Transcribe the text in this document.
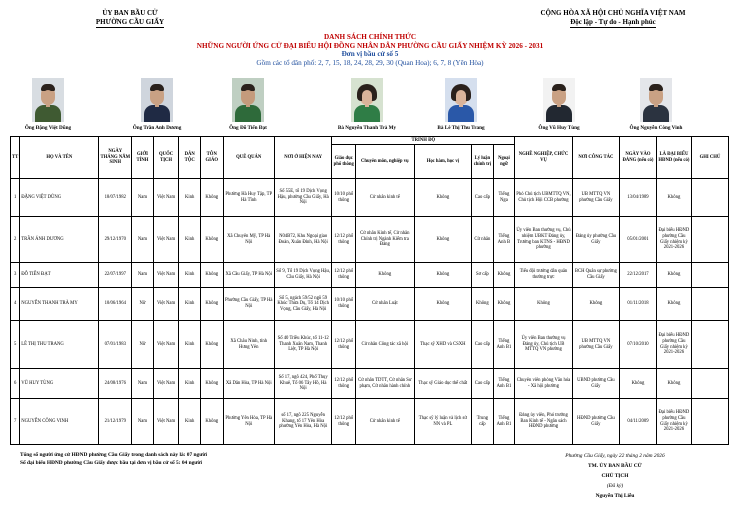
ỦY BAN BẦU CỬ
PHƯỜNG CẦU GIẤY
CỘNG HÒA XÃ HỘI CHỦ NGHĨA VIỆT NAM
Độc lập - Tự do - Hạnh phúc
DANH SÁCH CHÍNH THỨC
NHỮNG NGƯỜI ỨNG CỬ ĐẠI BIỂU HỘI ĐỒNG NHÂN DÂN PHƯỜNG CẦU GIẤY NHIỆM KỲ 2026 - 2031
Đơn vị bầu cử số 5
Gồm các tổ dân phố: 2, 7, 15, 18, 24, 28, 29, 30 (Quan Hoa); 6, 7, 8 (Yên Hòa)
Ông Đặng Việt Dũng	Ông Trần Anh Dương	Ông Đỗ Tiến Đạt	Bà Nguyễn Thanh Trà My	Bà Lê Thị Thu Trang	Ông Vũ Huy Tùng	Ông Nguyễn Công Vinh
TT	HỌ VÀ TÊN	NGÀY THÁNG NĂM SINH	GIỚI TÍNH	QUỐC TỊCH	DÂN TỘC	TÔN GIÁO	QUÊ QUÁN	NƠI Ở HIỆN NAY	TRÌNH ĐỘ					NGHỀ NGHIỆP, CHỨC VỤ	NƠI CÔNG TÁC	NGÀY VÀO ĐẢNG (nếu có)	LÀ ĐẠI BIỂU HĐND (nếu có)	GHI CHÚ
									Giáo dục phổ thông	Chuyên môn, nghiệp vụ	Học hàm, học vị	Lý luận chính trị	Ngoại ngữ					
1	ĐẶNG VIỆT DŨNG	18/07/1982	Nam	Việt Nam	Kinh	Không	Phường Hà Huy Tập, TP Hà Tĩnh	Số 55E, tổ 19 Dịch Vọng Hậu, phường Cầu Giấy, Hà Nội	10/10 phổ thông	Cử nhân kinh tế	Không	Cao cấp	Tiếng Nga	Phó Chủ tịch UBMTTQ VN, Chủ tịch Hội CCB phường	UB MTTQ VN phường Cầu Giấy	13/04/1989	Không	
2	TRẦN ÁNH DƯƠNG	29/12/1970	Nam	Việt Nam	Kinh	Không	Xã Chuyên Mỹ, TP Hà Nội	N04B72, Khu Ngoại giao Đoàn, Xuân Đỉnh, Hà Nội	12/12 phổ thông	Cử nhân Kinh tế, Cử nhân Chính trị Ngành Kiểm tra Đảng	Không	Cử nhân	Tiếng Anh B	Ủy viên Ban thường vụ, Chủ nhiệm UBKT Đảng ủy, Trưởng ban KTNS - HĐND phường	Đảng ủy phường Cầu Giấy	05/01/2001	Đại biểu HĐND phường Cầu Giấy nhiệm kỳ 2021-2026	
3	ĐỖ TIẾN ĐẠT	22/07/1997	Nam	Việt Nam	Kinh	Không	Xã Cầu Giấy, TP Hà Nội	Số 9, Tổ 19 Dịch Vọng Hậu, Cầu Giấy, Hà Nội	12/12 phổ thông	Không	Không	Sơ cấp	Không	Tiểu đội trưởng dân quân thường trực	BCH Quân sự phường Cầu Giấy	22/12/2017	Không	
4	NGUYỄN THANH TRÀ MY	10/06/1964	Nữ	Việt Nam	Kinh	Không	Phường Cầu Giấy, TP Hà Nội	Số 5, ngách 59/52 ngõ 59 Khúc Thừa Dụ, Tổ 14 Dịch Vọng, Cầu Giấy, Hà Nội	10/10 phổ thông	Cử nhân Luật	Không	Không	Không	Không	Không	01/11/2018	Không	
5	LÊ THỊ THU TRANG	07/01/1983	Nữ	Việt Nam	Kinh	Không	Xã Châu Ninh, tỉnh Hưng Yên	Số 40 Triều Khúc, tổ 11-12 Thanh Xuân Nam, Thanh Liệt, TP Hà Nội	12/12 phổ thông	Cử nhân Công tác xã hội	Thạc sỹ XHD và CSXH	Cao cấp	Tiếng Anh B1	Ủy viên Ban thường vụ Đảng ủy, Chủ tịch UB MTTQ VN phường	UB MTTQ VN phường Cầu Giấy	07/10/2010	Đại biểu HĐND phường Cầu Giấy nhiệm kỳ 2021-2026	
6	VŨ HUY TÙNG	24/08/1976	Nam	Việt Nam	Kinh	Không	Xã Dân Hòa, TP Hà Nội	Số 17, ngõ 424, Phố Thụy Khuê, Tổ 06 Tây Hồ, Hà Nội	12/12 phổ thông	Cử nhân TDTT, Cử nhân Sư phạm, Cử nhân hành chính	Thạc sỹ Giáo dục thể chất	Cao cấp	Tiếng Anh B1	Chuyên viên phòng Văn hóa - Xã hội phường	UBND phường Cầu Giấy	Không	Không	
7	NGUYỄN CÔNG VINH	21/12/1979	Nam	Việt Nam	Kinh	Không	Phường Yên Hòa, TP Hà Nội	số 17, ngõ 225 Nguyễn Khang, tổ 17 Yên Hòa phường Yên Hòa, Hà Nội	12/12 phổ thông	Cử nhân kinh tế	Thạc sỹ lý luận và lịch sử NN và PL	Trung cấp	Tiếng Anh B1	Đảng ủy viên, Phó trưởng Ban Kinh tế - Ngân sách HĐND phường	HĐND phường Cầu Giấy	04/11/2009	Đại biểu HĐND phường Cầu Giấy nhiệm kỳ 2021-2026	
Tổng số người ứng cử HĐND phường Cầu Giấy trong danh sách này là: 07 người
Số đại biểu HĐND phường Cầu Giấy được bầu tại đơn vị bầu cử số 5: 04 người
Phường Cầu Giấy, ngày 22 tháng 2 năm 2026
TM. ỦY BAN BẦU CỬ
CHỦ TỊCH
(Đã ký)
Nguyễn Thị Liễu
